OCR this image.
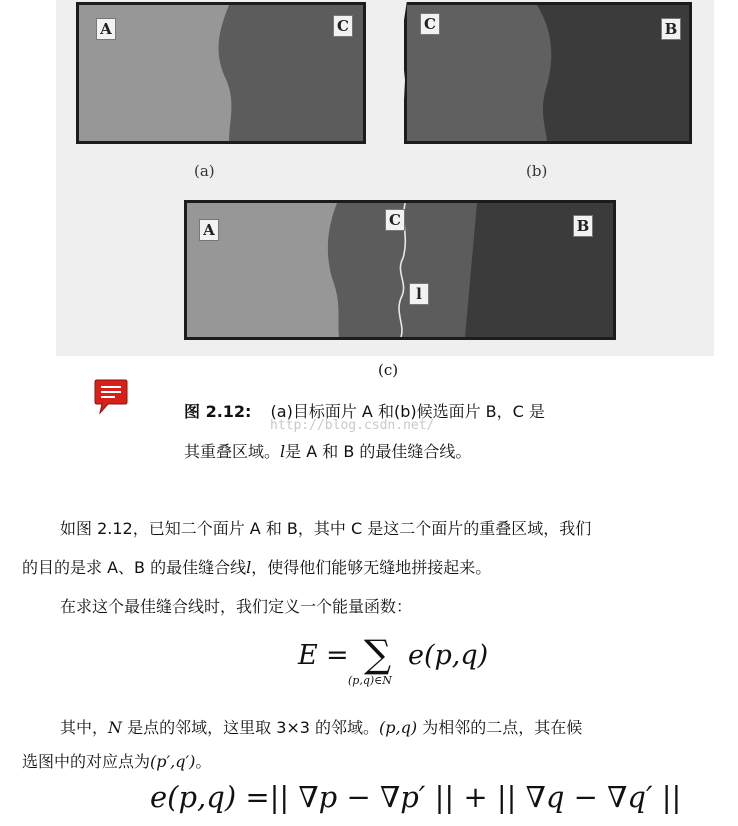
A	C	C	B
(a)	(b)
A
C	B
l
(c)
图 2.12: (a)目标面片 A 和(b)候选面片 B，C 是
http://blog.csdn.net/
其重叠区域。l是 A 和 B 的最佳缝合线。
如图 2.12，已知二个面片 A 和 B，其中 C 是这二个面片的重叠区域，我们
的目的是求 A、B 的最佳缝合线l，使得他们能够无缝地拼接起来。
在求这个最佳缝合线时，我们定义一个能量函数：
E = ∑
(p,q)∈N
e(p,q)
其中，N 是点的邻域，这里取 3×3 的邻域。(p,q) 为相邻的二点，其在候
选图中的对应点为(p′,q′)。
e(p,q) =|| ∇p − ∇p′ || + || ∇q − ∇q′ ||
